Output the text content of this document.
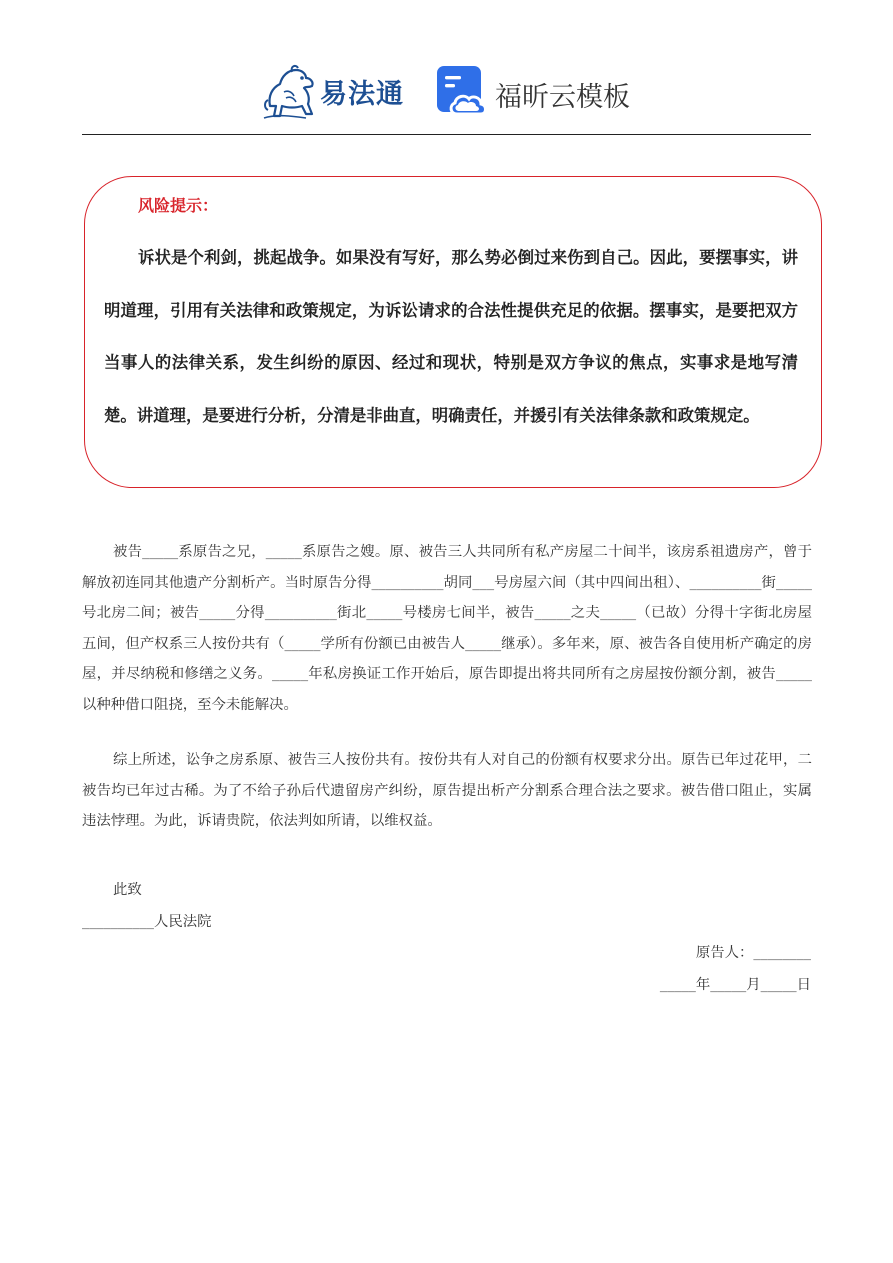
易法通	福昕云模板
风险提示：
诉状是个利剑，挑起战争。如果没有写好，那么势必倒过来伤到自己。因此，要摆事实，讲明道理，引用有关法律和政策规定，为诉讼请求的合法性提供充足的依据。摆事实，是要把双方当事人的法律关系，发生纠纷的原因、经过和现状，特别是双方争议的焦点，实事求是地写清楚。讲道理，是要进行分析，分清是非曲直，明确责任，并援引有关法律条款和政策规定。

被告_____系原告之兄，_____系原告之嫂。原、被告三人共同所有私产房屋二十间半，该房系祖遗房产，曾于解放初连同其他遗产分割析产。当时原告分得__________胡同___号房屋六间（其中四间出租）、__________街_____号北房二间；被告_____分得__________街北_____号楼房七间半，被告_____之夫_____（已故）分得十字街北房屋五间，但产权系三人按份共有（_____学所有份额已由被告人_____继承）。多年来，原、被告各自使用析产确定的房屋，并尽纳税和修缮之义务。_____年私房换证工作开始后，原告即提出将共同所有之房屋按份额分割，被告_____以种种借口阻挠，至今未能解决。

综上所述，讼争之房系原、被告三人按份共有。按份共有人对自己的份额有权要求分出。原告已年过花甲，二被告均已年过古稀。为了不给子孙后代遗留房产纠纷，原告提出析产分割系合理合法之要求。被告借口阻止，实属违法悖理。为此，诉请贵院，依法判如所请，以维权益。

此致
__________人民法院
原告人：________
_____年_____月_____日
